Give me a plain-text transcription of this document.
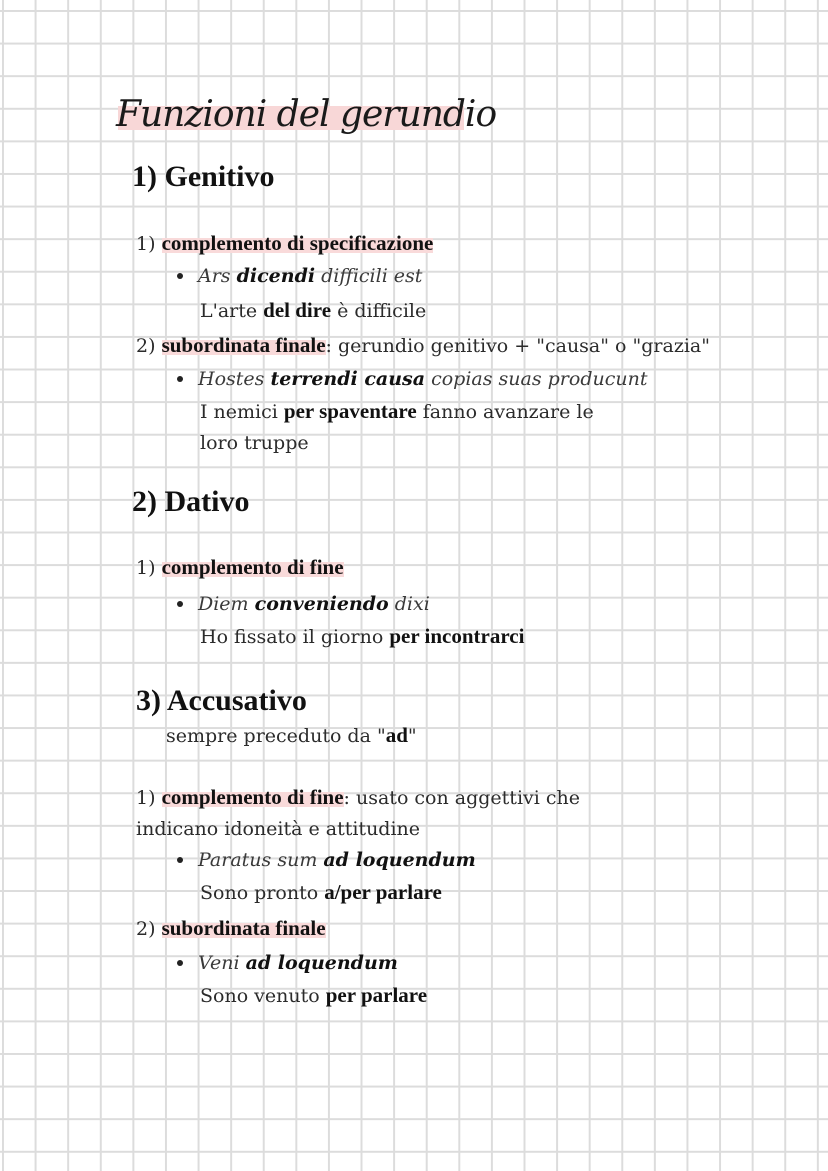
Funzioni del gerundio
1) Genitivo
1) complemento di specificazione
Ars dicendi difficili est
L'arte del dire è difficile
2) subordinata finale: gerundio genitivo + "causa" o "grazia"
Hostes terrendi causa copias suas producunt
I nemici per spaventare fanno avanzare le
loro truppe
2) Dativo
1) complemento di fine
Diem conveniendo dixi
Ho fissato il giorno per incontrarci
3) Accusativo
sempre preceduto da "ad"
1) complemento di fine: usato con aggettivi che
indicano idoneità e attitudine
Paratus sum ad loquendum
Sono pronto a/per parlare
2) subordinata finale
Veni ad loquendum
Sono venuto per parlare
